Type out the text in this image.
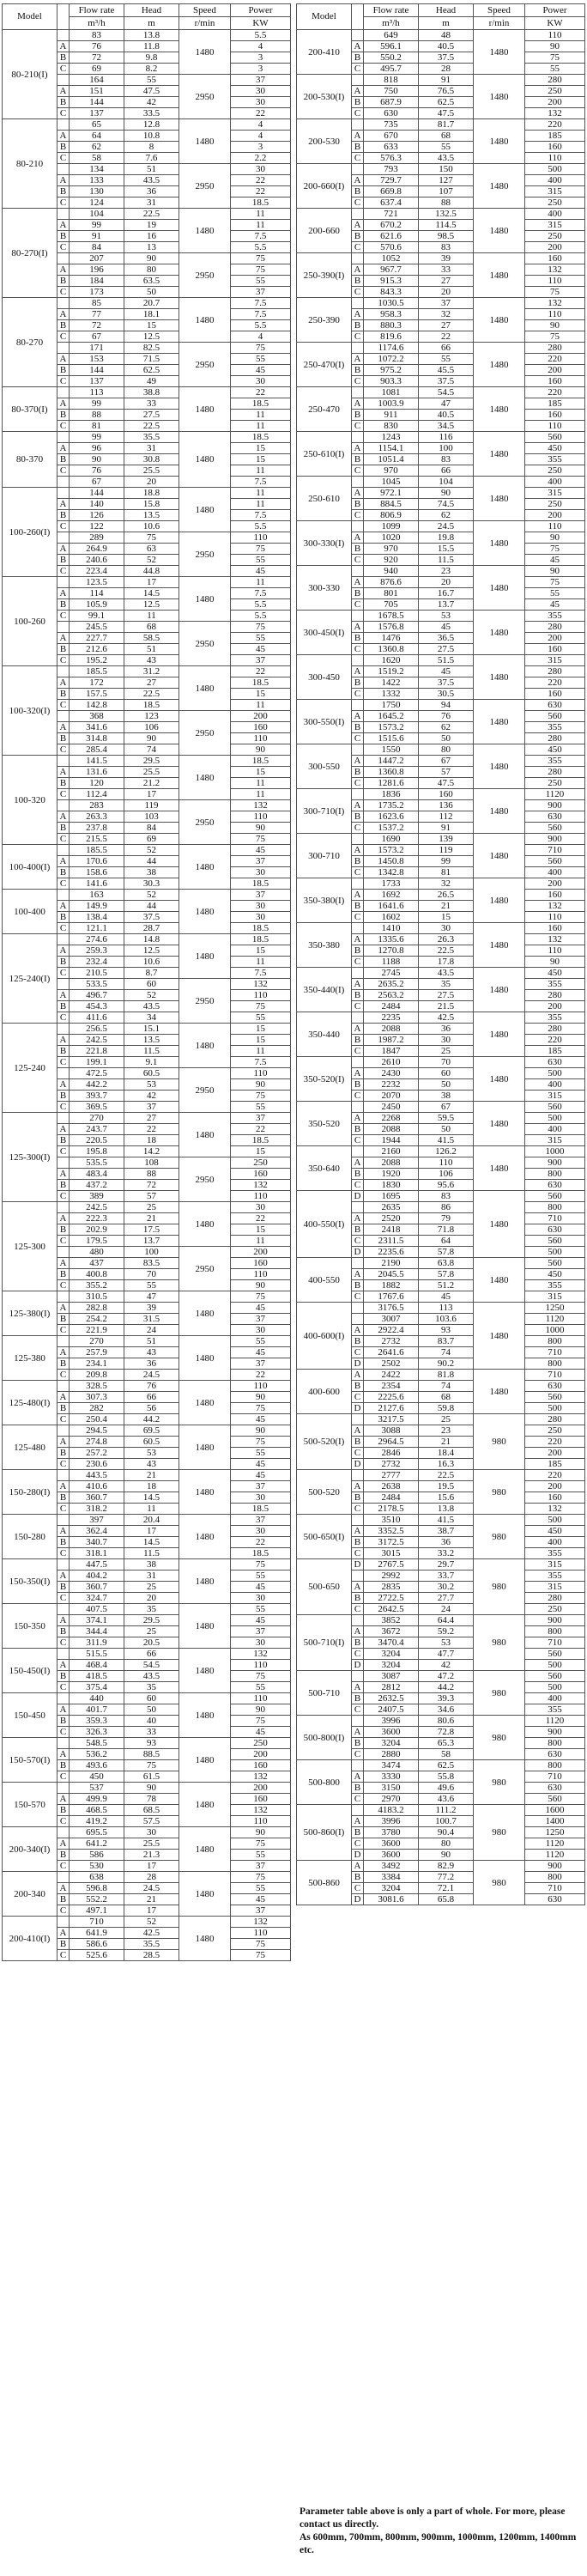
Model		Flow rate	Head	Speed	Power
		m³/h	m	r/min	KW
80-210(I)		83	13.8	1480	5.5
	A	76	11.8		4
	B	72	9.8		3
	C	69	8.2		3
		164	55	2950	37
	A	151	47.5		30
	B	144	42		30
	C	137	33.5		22
80-210		65	12.8	1480	4
	A	64	10.8		4
	B	62	8		3
	C	58	7.6		2.2
		134	51	2950	30
	A	133	43.5		22
	B	130	36		22
	C	124	31		18.5
80-270(I)		104	22.5	1480	11
	A	99	19		11
	B	91	16		7.5
	C	84	13		5.5
		207	90	2950	75
	A	196	80		75
	B	184	63.5		55
	C	173	50		37
80-270		85	20.7	1480	7.5
	A	77	18.1		7.5
	B	72	15		5.5
	C	67	12.5		4
		171	82.5	2950	75
	A	153	71.5		55
	B	144	62.5		45
	C	137	49		30
80-370(I)		113	38.8	1480	22
	A	99	33		18.5
	B	88	27.5		11
	C	81	22.5		11
80-370		99	35.5	1480	18.5
	A	96	31		15
	B	90	30.8		15
	C	76	25.5		11
		67	20		7.5
100-260(I)		144	18.8	1480	11
	A	140	15.8		11
	B	126	13.5		7.5
	C	122	10.6		5.5
		289	75	2950	110
	A	264.9	63		75
	B	240.6	52		55
	C	223.4	44.8		45
100-260		123.5	17	1480	11
	A	114	14.5		7.5
	B	105.9	12.5		5.5
	C	99.1	11		5.5
		245.5	68	2950	75
	A	227.7	58.5		55
	B	212.6	51		45
	C	195.2	43		37
100-320(I)		185.5	31.2	1480	22
	A	172	27		18.5
	B	157.5	22.5		15
	C	142.8	18.5		11
		368	123	2950	200
	A	341.6	106		160
	B	314.8	90		110
	C	285.4	74		90
100-320		141.5	29.5	1480	18.5
	A	131.6	25.5		15
	B	120	21.2		11
	C	112.4	17		11
		283	119	2950	132
	A	263.3	103		110
	B	237.8	84		90
	C	215.5	69		75
100-400(I)		185.5	52	1480	45
	A	170.6	44		37
	B	158.6	38		30
	C	141.6	30.3		18.5
100-400		163	52	1480	37
	A	149.9	44		30
	B	138.4	37.5		30
	C	121.1	28.7		18.5
125-240(I)		274.6	14.8	1480	18.5
	A	259.3	12.5		15
	B	232.4	10.6		11
	C	210.5	8.7		7.5
		533.5	60	2950	132
	A	496.7	52		110
	B	454.3	43.5		75
	C	411.6	34		55
125-240		256.5	15.1	1480	15
	A	242.5	13.5		15
	B	221.8	11.5		11
	C	199.1	9.1		7.5
		472.5	60.5	2950	110
	A	442.2	53		90
	B	393.7	42		75
	C	369.5	37		55
125-300(I)		270	27	1480	37
	A	243.7	22		22
	B	220.5	18		18.5
	C	195.8	14.2		15
		535.5	108	2950	250
	A	483.4	88		160
	B	437.2	72		132
	C	389	57		110
125-300		242.5	25	1480	30
	A	222.3	21		22
	B	202.9	17.5		15
	C	179.5	13.7		11
		480	100	2950	200
	A	437	83.5		160
	B	400.8	70		110
	C	355.2	55		90
125-380(I)		310.5	47	1480	75
	A	282.8	39		45
	B	254.2	31.5		37
	C	221.9	24		30
125-380		270	51	1480	55
	A	257.9	43		45
	B	234.1	36		37
	C	209.8	24.5		22
125-480(I)		328.5	76	1480	110
	A	307.3	66		90
	B	282	56		75
	C	250.4	44.2		45
125-480		294.5	69.5	1480	90
	A	274.8	60.5		75
	B	257.2	53		55
	C	230.6	43		45
150-280(I)		443.5	21	1480	45
	A	410.6	18		37
	B	360.7	14.5		30
	C	318.2	11		18.5
150-280		397	20.4	1480	37
	A	362.4	17		30
	B	340.7	14.5		22
	C	318.1	11.5		18.5
150-350(I)		447.5	38	1480	75
	A	404.2	31		55
	B	360.7	25		45
	C	324.7	20		30
150-350		407.5	35	1480	55
	A	374.1	29.5		45
	B	344.4	25		37
	C	311.9	20.5		30
150-450(I)		515.5	66	1480	132
	A	468.4	54.5		110
	B	418.5	43.5		75
	C	375.4	35		55
150-450		440	60	1480	110
	A	401.7	50		90
	B	359.3	40		75
	C	326.3	33		45
150-570(I)		548.5	93	1480	250
	A	536.2	88.5		200
	B	493.6	75		160
	C	450	61.5		132
150-570		537	90	1480	200
	A	499.9	78		160
	B	468.5	68.5		132
	C	419.2	57.5		110
200-340(I)		695.5	30	1480	90
	A	641.2	25.5		75
	B	586	21.3		55
	C	530	17		37
200-340		638	28	1480	75
	A	596.8	24.5		55
	B	552.2	21		45
	C	497.1	17		37
200-410(I)		710	52	1480	132
	A	641.9	42.5		110
	B	586.6	35.5		75
	C	525.6	28.5		75
Model		Flow rate	Head	Speed	Power
		m³/h	m	r/min	KW
200-410		649	48	1480	110
	A	596.1	40.5		90
	B	550.2	37.5		75
	C	495.7	28		55
200-530(I)		818	91	1480	280
	A	750	76.5		250
	B	687.9	62.5		200
	C	630	47.5		132
200-530		735	81.7	1480	220
	A	670	68		185
	B	633	55		160
	C	576.3	43.5		110
200-660(I)		793	150	1480	500
	A	729.7	127		400
	B	669.8	107		315
	C	637.4	88		250
200-660		721	132.5	1480	400
	A	670.2	114.5		315
	B	621.6	98.5		250
	C	570.6	83		200
250-390(I)		1052	39	1480	160
	A	967.7	33		132
	B	915.3	27		110
	C	843.3	20		75
250-390		1030.5	37	1480	132
	A	958.3	32		110
	B	880.3	27		90
	C	819.6	22		75
250-470(I)		1174.6	66	1480	280
	A	1072.2	55		220
	B	975.2	45.5		200
	C	903.3	37.5		160
250-470		1081	54.5	1480	220
	A	1003.9	47		185
	B	911	40.5		160
	C	830	34.5		110
250-610(I)		1243	116	1480	560
	A	1154.1	100		450
	B	1051.4	83		355
	C	970	66		250
250-610		1045	104	1480	400
	A	972.1	90		315
	B	884.5	74.5		250
	C	806.9	62		200
300-330(I)		1099	24.5	1480	110
	A	1020	19.8		90
	B	970	15.5		75
	C	920	11.5		45
300-330		940	23	1480	90
	A	876.6	20		75
	B	801	16.7		55
	C	705	13.7		45
300-450(I)		1678.5	53	1480	355
	A	1576.8	45		280
	B	1476	36.5		200
	C	1360.8	27.5		160
300-450		1620	51.5	1480	315
	A	1519.2	45		280
	B	1422	37.5		220
	C	1332	30.5		160
300-550(I)		1750	94	1480	630
	A	1645.2	76		560
	B	1573.2	62		355
	C	1515.6	50		280
300-550		1550	80	1480	450
	A	1447.2	67		355
	B	1360.8	57		280
	C	1281.6	47.5		250
300-710(I)		1836	160	1480	1120
	A	1735.2	136		900
	B	1623.6	112		630
	C	1537.2	91		560
300-710		1690	139	1480	900
	A	1573.2	119		710
	B	1450.8	99		560
	C	1342.8	81		400
350-380(I)		1733	32	1480	200
	A	1692	26.5		160
	B	1641.6	21		132
	C	1602	15		110
350-380		1410	30	1480	160
	A	1335.6	26.3		132
	B	1270.8	22.5		110
	C	1188	17.8		90
350-440(I)		2745	43.5	1480	450
	A	2635.2	35		355
	B	2563.2	27.5		280
	C	2484	21.5		200
350-440		2235	42.5	1480	355
	A	2088	36		280
	B	1987.2	30		220
	C	1847	25		185
350-520(I)		2610	70	1480	630
	A	2430	60		500
	B	2232	50		400
	C	2070	38		315
350-520		2450	67	1480	560
	A	2268	59.5		500
	B	2088	50		400
	C	1944	41.5		315
350-640		2160	126.2	1480	1000
	A	2088	110		900
	B	1920	106		800
	C	1830	95.6		630
400-550(I)	D	1695	83	1480	560
		2635	86		800
	A	2520	79		710
	B	2418	71.8		630
	C	2311.5	64		560
	D	2235.6	57.8		500
400-550		2190	63.8	1480	560
	A	2045.5	57.8		450
	B	1882	51.2		355
	C	1767.6	45		315
400-600(I)		3176.5	113	1480	1250
		3007	103.6		1120
	A	2922.4	93		1000
	B	2732	83.7		800
	C	2641.6	74		710
	D	2502	90.2		800
400-600	A	2422	81.8	1480	710
	B	2354	74		630
	C	2225.6	68		560
	D	2127.6	59.8		500
500-520(I)		3217.5	25	980	280
	A	3088	23		250
	B	2964.5	21		220
	C	2846	18.4		200
	D	2732	16.3		185
500-520		2777	22.5	980	220
	A	2638	19.5		200
	B	2484	15.6		160
	C	2178.5	13.8		132
500-650(I)		3510	41.5	980	500
	A	3352.5	38.7		450
	B	3172.5	36		400
	C	3015	33.2		355
500-650	D	2767.5	29.7	980	315
		2992	33.7		355
	A	2835	30.2		315
	B	2722.5	27.7		280
	C	2642.5	24		250
500-710(I)		3852	64.4	980	900
	A	3672	59.2		800
	B	3470.4	53		710
	C	3204	47.7		560
	D	3204	42		500
500-710		3087	47.2	980	560
	A	2812	44.2		500
	B	2632.5	39.3		400
	C	2407.5	34.6		355
500-800(I)		3996	80.6	980	1120
	A	3600	72.8		900
	B	3204	65.3		800
	C	2880	58		630
500-800		3474	62.5	980	800
	A	3330	55.8		710
	B	3150	49.6		630
	C	2970	43.6		560
500-860(I)		4183.2	111.2	980	1600
	A	3996	100.7		1400
	B	3780	90.4		1250
	C	3600	80		1120
	D	3600	90		1120
500-860	A	3492	82.9	980	900
	B	3384	77.2		800
	C	3204	72.1		710
	D	3081.6	65.8		630
Parameter table above is only a part of whole. For more, please contact us directly.
As 600mm, 700mm, 800mm, 900mm, 1000mm, 1200mm, 1400mm etc.
